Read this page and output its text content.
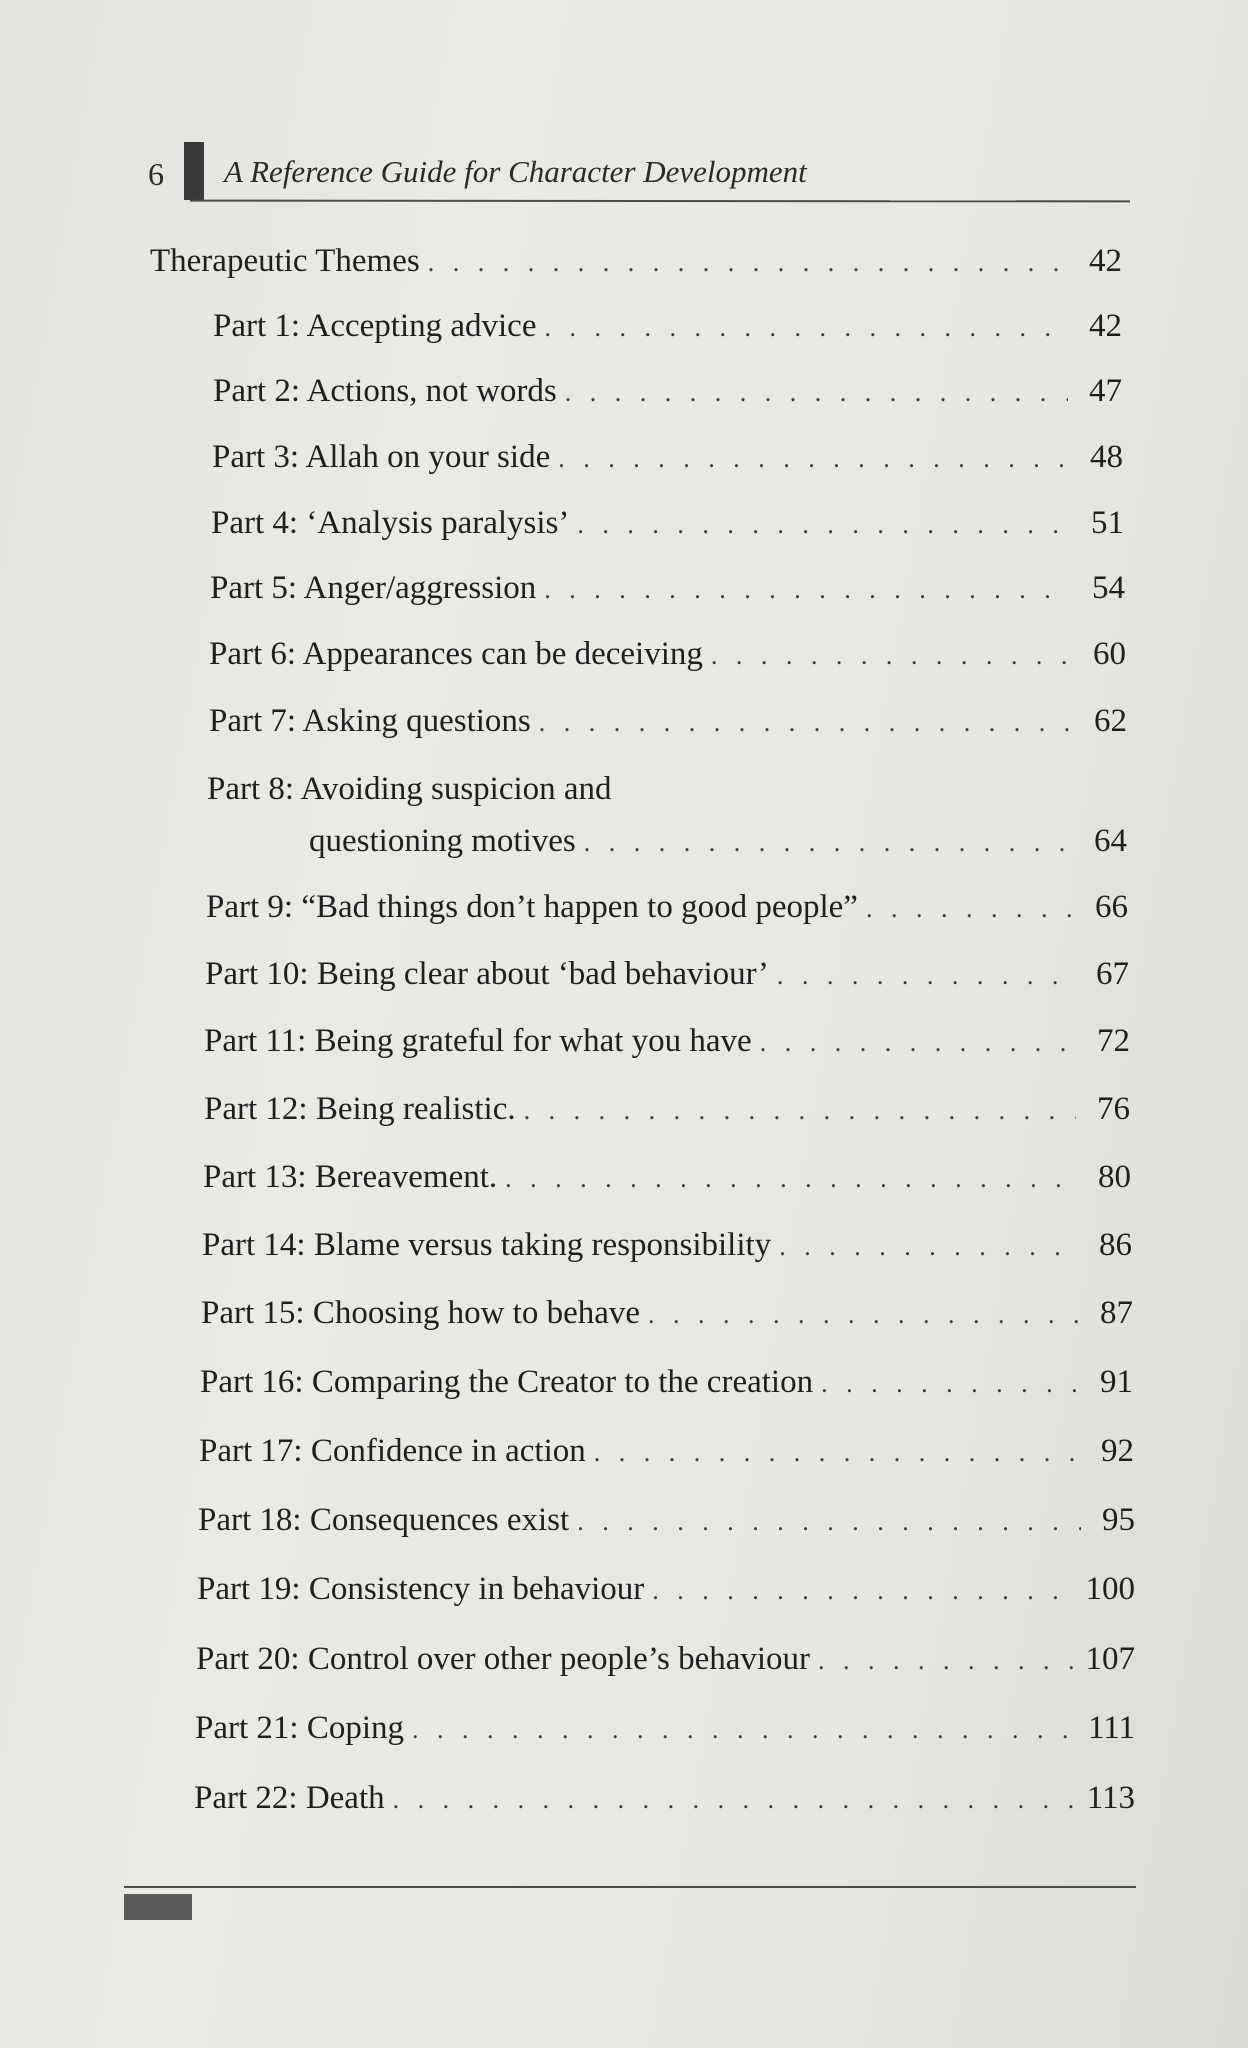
6 A Reference Guide for Character Development
Therapeutic Themes . . .	42
Part 1: Accepting advice . . .	42
Part 2: Actions, not words . . .	47
Part 3: Allah on your side . . .	48
Part 4: ‘Analysis paralysis’ . . .	51
Part 5: Anger/aggression . . .	54
Part 6: Appearances can be deceiving . . .	60
Part 7: Asking questions . . .	62
Part 8: Avoiding suspicion and
questioning motives . . .	64
Part 9: “Bad things don’t happen to good people” . . .	66
Part 10: Being clear about ‘bad behaviour’ . . .	67
Part 11: Being grateful for what you have . . .	72
Part 12: Being realistic. . . .	76
Part 13: Bereavement. . . .	80
Part 14: Blame versus taking responsibility . . .	86
Part 15: Choosing how to behave . . .	87
Part 16: Comparing the Creator to the creation . . .	91
Part 17: Confidence in action . . .	92
Part 18: Consequences exist . . .	95
Part 19: Consistency in behaviour . . .	100
Part 20: Control over other people’s behaviour . . .	107
Part 21: Coping . . .	111
Part 22: Death . . .	113
